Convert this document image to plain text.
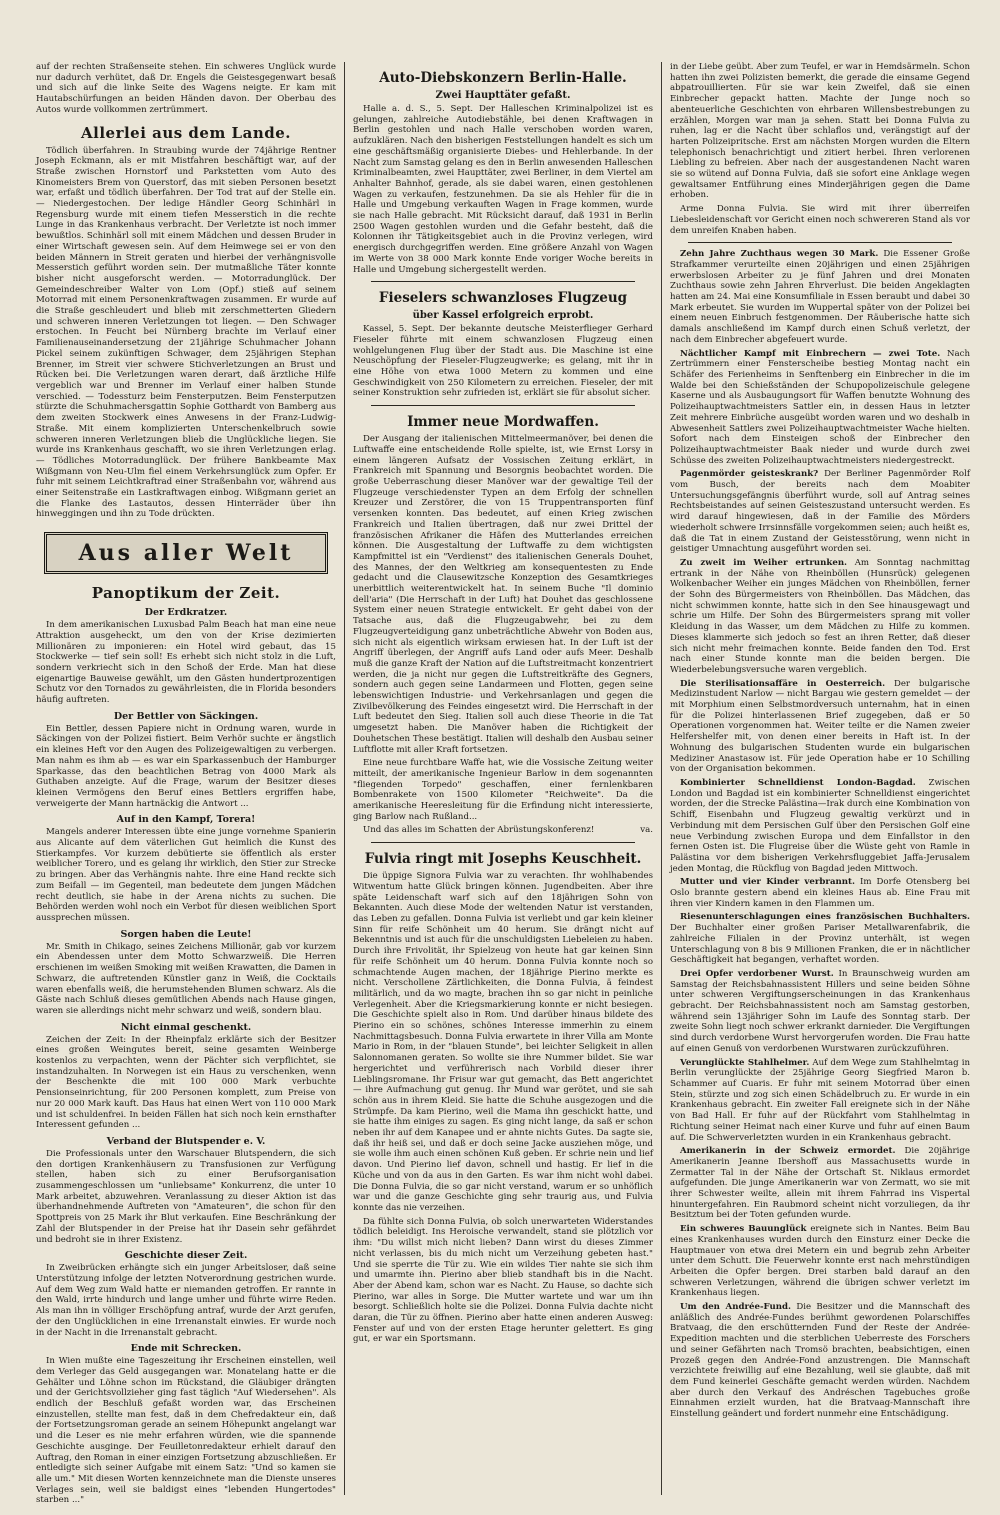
auf der rechten Straßenseite stehen. Ein schweres Unglück wurde nur dadurch verhütet, daß Dr. Engels die Geistesgegenwart besaß und sich auf die linke Seite des Wagens neigte. Er kam mit Hautabschürfungen an beiden Händen davon. Der Oberbau des Autos wurde vollkommen zertrümmert.

Allerlei aus dem Lande.

Tödlich überfahren. In Straubing wurde der 74jährige Rentner Joseph Eckmann, als er mit Mistfahren beschäftigt war, auf der Straße zwischen Hornstorf und Parkstetten vom Auto des Kinomeisters Brem von Querstorf, das mit sieben Personen besetzt war, erfaßt und tödlich überfahren. Der Tod trat auf der Stelle ein. — Niedergestochen. Der ledige Händler Georg Schinhärl in Regensburg wurde mit einem tiefen Messerstich in die rechte Lunge in das Krankenhaus verbracht. Der Verletzte ist noch immer bewußtlos. Schinhärl soll mit einem Mädchen und dessen Bruder in einer Wirtschaft gewesen sein. Auf dem Heimwege sei er von den beiden Männern in Streit geraten und hierbei der verhängnisvolle Messerstich geführt worden sein. Der mutmaßliche Täter konnte bisher nicht ausgeforscht werden. — Motorradunglück. Der Gemeindeschreiber Walter von Lom (Opf.) stieß auf seinem Motorrad mit einem Personenkraftwagen zusammen. Er wurde auf die Straße geschleudert und blieb mit zerschmetterten Gliedern und schweren inneren Verletzungen tot liegen. — Den Schwager erstochen. In Feucht bei Nürnberg brachte im Verlauf einer Familienauseinandersetzung der 21jährige Schuhmacher Johann Pickel seinem zukünftigen Schwager, dem 25jährigen Stephan Brenner, im Streit vier schwere Stichverletzungen an Brust und Rücken bei. Die Verletzungen waren derart, daß ärztliche Hilfe vergeblich war und Brenner im Verlauf einer halben Stunde verschied. — Todessturz beim Fensterputzen. Beim Fensterputzen stürzte die Schuhmachersgattin Sophie Gotthardt von Bamberg aus dem zweiten Stockwerk eines Anwesens in der Franz-Ludwig-Straße. Mit einem komplizierten Unterschenkelbruch sowie schweren inneren Verletzungen blieb die Unglückliche liegen. Sie wurde ins Krankenhaus geschafft, wo sie ihren Verletzungen erlag. — Tödliches Motorradunglück. Der frühere Bankbeamte Max Wißgmann von Neu-Ulm fiel einem Verkehrsunglück zum Opfer. Er fuhr mit seinem Leichtkraftrad einer Straßenbahn vor, während aus einer Seitenstraße ein Lastkraftwagen einbog. Wißgmann geriet an die Flanke des Lastautos, dessen Hinterräder über ihn hinweggingen und ihn zu Tode drückten.

Aus aller Welt
Panoptikum der Zeit.
Der Erdkratzer.

In dem amerikanischen Luxusbad Palm Beach hat man eine neue Attraktion ausgeheckt, um den von der Krise dezimierten Millionären zu imponieren: ein Hotel wird gebaut, das 15 Stockwerke — tief sein soll! Es erhebt sich nicht stolz in die Luft, sondern verkriecht sich in den Schoß der Erde. Man hat diese eigenartige Bauweise gewählt, um den Gästen hundertprozentigen Schutz vor den Tornados zu gewährleisten, die in Florida besonders häufig auftreten.

Der Bettler von Säckingen.

Ein Bettler, dessen Papiere nicht in Ordnung waren, wurde in Säckingen von der Polizei fistiert. Beim Verhör suchte er ängstlich ein kleines Heft vor den Augen des Polizeigewaltigen zu verbergen. Man nahm es ihm ab — es war ein Sparkassenbuch der Hamburger Sparkasse, das den beachtlichen Betrag von 4000 Mark als Guthaben anzeigte. Auf die Frage, warum der Besitzer dieses kleinen Vermögens den Beruf eines Bettlers ergriffen habe, verweigerte der Mann hartnäckig die Antwort ...

Auf in den Kampf, Torera!

Mangels anderer Interessen übte eine junge vornehme Spanierin aus Alicante auf dem väterlichen Gut heimlich die Kunst des Stierkampfes. Vor kurzem debütierte sie öffentlich als erster weiblicher Torero, und es gelang ihr wirklich, den Stier zur Strecke zu bringen. Aber das Verhängnis nahte. Ihre eine Hand reckte sich zum Beifall — im Gegenteil, man bedeutete dem jungen Mädchen recht deutlich, sie habe in der Arena nichts zu suchen. Die Behörden werden wohl noch ein Verbot für diesen weiblichen Sport aussprechen müssen.

Sorgen haben die Leute!

Mr. Smith in Chikago, seines Zeichens Millionär, gab vor kurzem ein Abendessen unter dem Motto Schwarzweiß. Die Herren erschienen im weißen Smoking mit weißen Krawatten, die Damen in Schwarz, die auftretenden Künstler ganz in Weiß, die Cocktails waren ebenfalls weiß, die herumstehenden Blumen schwarz. Als die Gäste nach Schluß dieses gemütlichen Abends nach Hause gingen, waren sie allerdings nicht mehr schwarz und weiß, sondern blau.

Nicht einmal geschenkt.

Zeichen der Zeit: In der Rheinpfalz erklärte sich der Besitzer eines großen Weingutes bereit, seine gesamten Weinberge kostenlos zu verpachten, wenn der Pächter sich verpflichtet, sie instandzuhalten. In Norwegen ist ein Haus zu verschenken, wenn der Beschenkte die mit 100 000 Mark verbuchte Pensionseinrichtung, für 200 Personen komplett, zum Preise von nur 20 000 Mark kauft. Das Haus hat einen Wert von 110 000 Mark und ist schuldenfrei. In beiden Fällen hat sich noch kein ernsthafter Interessent gefunden ...

Verband der Blutspender e. V.

Die Professionals unter den Warschauer Blutspendern, die sich den dortigen Krankenhäusern zu Transfusionen zur Verfügung stellen, haben sich zu einer Berufsorganisation zusammengeschlossen um "unliebsame" Konkurrenz, die unter 10 Mark arbeitet, abzuwehren. Veranlassung zu dieser Aktion ist das überhandnehmende Auftreten von "Amateuren", die schon für den Spottpreis von 25 Mark ihr Blut verkaufen. Eine Beschränkung der Zahl der Blutspender in der Preise hat ihr Dasein sehr gefährdet und bedroht sie in ihrer Existenz.

Geschichte dieser Zeit.

In Zweibrücken erhängte sich ein junger Arbeitsloser, daß seine Unterstützung infolge der letzten Notverordnung gestrichen wurde. Auf dem Weg zum Wald hatte er niemanden getroffen. Er rannte in den Wald, irrte hindurch und lange umher und führte wirre Reden. Als man ihn in völliger Erschöpfung antraf, wurde der Arzt gerufen, der den Unglücklichen in eine Irrenanstalt einwies. Er wurde noch in der Nacht in die Irrenanstalt gebracht.

Ende mit Schrecken.

In Wien mußte eine Tageszeitung ihr Erscheinen einstellen, weil dem Verleger das Geld ausgegangen war. Monatelang hatte er die Gehälter und Löhne schon im Rückstand, die Gläubiger drängten und der Gerichtsvollzieher ging fast täglich "Auf Wiedersehen". Als endlich der Beschluß gefaßt worden war, das Erscheinen einzustellen, stellte man fest, daß in dem Chefredakteur ein, daß der Fortsetzungsroman gerade an seinem Höhepunkt angelangt war und die Leser es nie mehr erfahren würden, wie die spannende Geschichte ausginge. Der Feuilletonredakteur erhielt darauf den Auftrag, den Roman in einer einzigen Fortsetzung abzuschließen. Er entledigte sich seiner Aufgabe mit einem Satz: "Und so kamen sie alle um." Mit diesen Worten kennzeichnete man die Dienste unseres Verlages sein, weil sie baldigst eines "lebenden Hungertodes" starben ..."

Auto-Diebskonzern Berlin-Halle.
Zwei Haupttäter gefaßt.

Halle a. d. S., 5. Sept. Der Halleschen Kriminalpolizei ist es gelungen, zahlreiche Autodiebstähle, bei denen Kraftwagen in Berlin gestohlen und nach Halle verschoben worden waren, aufzuklären. Nach den bisherigen Feststellungen handelt es sich um eine geschäftsmäßig organisierte Diebes- und Hehlerbande. In der Nacht zum Samstag gelang es den in Berlin anwesenden Halleschen Kriminalbeamten, zwei Haupttäter, zwei Berliner, in dem Viertel am Anhalter Bahnhof, gerade, als sie dabei waren, einen gestohlenen Wagen zu verkaufen, festzunehmen. Da sie als Hehler für die in Halle und Umgebung verkauften Wagen in Frage kommen, wurde sie nach Halle gebracht. Mit Rücksicht darauf, daß 1931 in Berlin 2500 Wagen gestohlen wurden und die Gefahr besteht, daß die Kolonnen ihr Tätigkeitsgebiet auch in die Provinz verlegen, wird energisch durchgegriffen werden. Eine größere Anzahl von Wagen im Werte von 38 000 Mark konnte Ende voriger Woche bereits in Halle und Umgebung sichergestellt werden.

Fieselers schwanzloses Flugzeug
über Kassel erfolgreich erprobt.

Kassel, 5. Sept. Der bekannte deutsche Meisterflieger Gerhard Fieseler führte mit einem schwanzlosen Flugzeug einen wohlgelungenen Flug über der Stadt aus. Die Maschine ist eine Neuschöpfung der Fieseler-Flugzeugwerke; es gelang, mit ihr in eine Höhe von etwa 1000 Metern zu kommen und eine Geschwindigkeit von 250 Kilometern zu erreichen. Fieseler, der mit seiner Konstruktion sehr zufrieden ist, erklärt sie für absolut sicher.

Immer neue Mordwaffen.

Der Ausgang der italienischen Mittelmeermanöver, bei denen die Luftwaffe eine entscheidende Rolle spielte, ist, wie Ernst Lorsy in einem längeren Aufsatz der Vossischen Zeitung erklärt, in Frankreich mit Spannung und Besorgnis beobachtet worden. Die große Ueberraschung dieser Manöver war der gewaltige Teil der Flugzeuge verschiedenster Typen an dem Erfolg der schnellen Kreuzer und Zerstörer, die von 15 Truppentransporten fünf versenken konnten. Das bedeutet, auf einen Krieg zwischen Frankreich und Italien übertragen, daß nur zwei Drittel der französischen Afrikaner die Häfen des Mutterlandes erreichen können. Die Ausgestaltung der Luftwaffe zu dem wichtigsten Kampfmittel ist ein "Verdienst" des italienischen Generals Douhet, des Mannes, der den Weltkrieg am konsequentesten zu Ende gedacht und die Clausewitzsche Konzeption des Gesamtkrieges unerbittlich weiterentwickelt hat. In seinem Buche "Il dominio dell'aria" (Die Herrschaft in der Luft) hat Douhet das geschlossene System einer neuen Strategie entwickelt. Er geht dabei von der Tatsache aus, daß die Flugzeugabwehr, bei zu dem Flugzeugverteidigung ganz unbeträchtliche Abwehr von Boden aus, sich nicht als eigentlich wirksam erwiesen hat. In der Luft ist der Angriff überlegen, der Angriff aufs Land oder aufs Meer. Deshalb muß die ganze Kraft der Nation auf die Luftstreitmacht konzentriert werden, die ja nicht nur gegen die Luftstreitkräfte des Gegners, sondern auch gegen seine Landarmeen und Flotten, gegen seine lebenswichtigen Industrie- und Verkehrsanlagen und gegen die Zivilbevölkerung des Feindes eingesetzt wird. Die Herrschaft in der Luft bedeutet den Sieg. Italien soll auch diese Theorie in die Tat umgesetzt haben. Die Manöver haben die Richtigkeit der Douhetschen These bestätigt. Italien will deshalb den Ausbau seiner Luftflotte mit aller Kraft fortsetzen.

Eine neue furchtbare Waffe hat, wie die Vossische Zeitung weiter mitteilt, der amerikanische Ingenieur Barlow in dem sogenannten "fliegenden Torpedo" geschaffen, einer fernlenkbaren Bombenrakete von 1500 Kilometer "Reichweite". Da die amerikanische Heeresleitung für die Erfindung nicht interessierte, ging Barlow nach Rußland...

Und das alles im Schatten der Abrüstungskonferenz!	va.

Fulvia ringt mit Josephs Keuschheit.

Die üppige Signora Fulvia war zu verachten. Ihr wohlhabendes Witwentum hatte Glück bringen können. Jugendbeiten. Aber ihre späte Leidenschaft warf sich auf den 18jährigen Sohn von Bekannten. Auch diese Mode der weltenden Natur ist verstanden, das Leben zu gefallen. Donna Fulvia ist verliebt und gar kein kleiner Sinn für reife Schönheit um 40 herum. Sie drängt nicht auf Bekenntnis und ist auch für die unschuldigsten Liebeleien zu haben. Durch ihre Frivolität, ihr Spielzeug von heute hat gar keinen Sinn für reife Schönheit um 40 herum. Donna Fulvia konnte noch so schmachtende Augen machen, der 18jährige Pierino merkte es nicht. Verschollene Zärtlichkeiten, die Donna Fulvia, ä feindest militärlich, und da wo magte, brachen ihn so gar nicht in peinliche Verlegenheit. Aber die Kriegsmarkierung konnte er nicht besiegen. Die Geschichte spielt also in Rom. Und darüber hinaus bildete des Pierino ein so schönes, schönes Interesse immerhin zu einem Nachmittagsbesuch. Donna Fulvia erwartete in ihrer Villa am Monte Mario in Rom, in der "blauen Stunde", bei leichter Seligkeit in allen Salonnomanen geraten. So wollte sie ihre Nummer bildet. Sie war hergerichtet und verführerisch nach Vorbild dieser ihrer Lieblingsromane. Ihr Frisur war gut gemacht, das Bett angerichtet — ihre Aufmachung gut genug. Ihr Mund war gerötet, und sie sah schön aus in ihrem Kleid. Sie hatte die Schuhe ausgezogen und die Strümpfe. Da kam Pierino, weil die Mama ihn geschickt hatte, und sie hatte ihm einiges zu sagen. Es ging nicht lange, da saß er schon neben ihr auf dem Kanapee und er ahnte nichts Gutes. Da sagte sie, daß ihr heiß sei, und daß er doch seine Jacke ausziehen möge, und sie wolle ihm auch einen schönen Kuß geben. Er schrie nein und lief davon. Und Pierino lief davon, schnell und hastig. Er lief in die Küche und von da aus in den Garten. Es war ihm nicht wohl dabei. Die Donna Fulvia, die so gar nicht verstand, warum er so unhöflich war und die ganze Geschichte ging sehr traurig aus, und Fulvia konnte das nie verzeihen.

Da fühlte sich Donna Fulvia, ob solch unerwarteten Widerstandes tödlich beleidigt. Ins Heroische verwandelt, stand sie plötzlich vor ihm: "Du willst mich nicht lieben? Dann wirst du dieses Zimmer nicht verlassen, bis du mich nicht um Verzeihung gebeten hast." Und sie sperrte die Tür zu. Wie ein wildes Tier nahte sie sich ihm und umarmte ihn. Pierino aber blieb standhaft bis in die Nacht. Aber der Abend kam, schon war es Nacht. Zu Hause, so dachte sich Pierino, war alles in Sorge. Die Mutter wartete und war um ihn besorgt. Schließlich holte sie die Polizei. Donna Fulvia dachte nicht daran, die Tür zu öffnen. Pierino aber hatte einen anderen Ausweg: Fenster auf und von der ersten Etage herunter gelettert. Es ging gut, er war ein Sportsmann.

in der Liebe geübt. Aber zum Teufel, er war in Hemdsärmeln. Schon hatten ihn zwei Polizisten bemerkt, die gerade die einsame Gegend abpatrouillierten. Für sie war kein Zweifel, daß sie einen Einbrecher gepackt hatten. Machte der Junge noch so abenteuerliche Geschichten von ehrbaren Willensbestrebungen zu erzählen, Morgen war man ja sehen. Statt bei Donna Fulvia zu ruhen, lag er die Nacht über schlaflos und, verängstigt auf der harten Polizeipritsche. Erst am nächsten Morgen wurden die Eltern telephonisch benachrichtigt und zitiert herbei. Ihren verlorenen Liebling zu befreien. Aber nach der ausgestandenen Nacht waren sie so wütend auf Donna Fulvia, daß sie sofort eine Anklage wegen gewaltsamer Entführung eines Minderjährigen gegen die Dame erhoben.

Arme Donna Fulvia. Sie wird mit ihrer überreifen Liebesleidenschaft vor Gericht einen noch schwereren Stand als vor dem unreifen Knaben haben.

Zehn Jahre Zuchthaus wegen 30 Mark. Die Essener Große Strafkammer verurteilte einen 20jährigen und einen 25jährigen erwerbslosen Arbeiter zu je fünf Jahren und drei Monaten Zuchthaus sowie zehn Jahren Ehrverlust. Die beiden Angeklagten hatten am 24. Mai eine Konsumfiliale in Essen beraubt und dabei 30 Mark erbeutet. Sie wurden im Wuppertal später von der Polizei bei einem neuen Einbruch festgenommen. Der Räuberische hatte sich damals anschließend im Kampf durch einen Schuß verletzt, der nach dem Einbrecher abgefeuert wurde.

Nächtlicher Kampf mit Einbrechern — zwei Tote. Nach Zertrümmern einer Fensterscheibe bestieg Montag nacht ein Schäfer des Ferienheims in Senftenberg ein Einbrecher in die im Walde bei den Schießständen der Schupopolizeischule gelegene Kaserne und als Ausbaugungsort für Waffen benutzte Wohnung des Polizeihauptwachtmeisters Sattler ein, in dessen Haus in letzter Zeit mehrere Einbrüche ausgeübt worden waren und wo deshalb in Abwesenheit Sattlers zwei Polizeihauptwachtmeister Wache hielten. Sofort nach dem Einsteigen schoß der Einbrecher den Polizeihauptwachtmeister Baak nieder und wurde durch zwei Schüsse des zweiten Polizeihauptwachtmeisters niedergestreckt.

Pagenmörder geisteskrank? Der Berliner Pagenmörder Rolf vom Busch, der bereits nach dem Moabiter Untersuchungsgefängnis überführt wurde, soll auf Antrag seines Rechtsbeistandes auf seinen Geisteszustand untersucht werden. Es wird darauf hingewiesen, daß in der Familie des Mörders wiederholt schwere Irrsinnsfälle vorgekommen seien; auch heißt es, daß die Tat in einem Zustand der Geistesstörung, wenn nicht in geistiger Umnachtung ausgeführt worden sei.

Zu zweit im Weiher ertrunken. Am Sonntag nachmittag ertrank in der Nähe von Rheinböllen (Hunsrück) gelegenen Wolkenbacher Weiher ein junges Mädchen von Rheinböllen, ferner der Sohn des Bürgermeisters von Rheinböllen. Das Mädchen, das nicht schwimmen konnte, hatte sich in den See hinausgewagt und schrie um Hilfe. Der Sohn des Bürgermeisters sprang mit voller Kleidung in das Wasser, um dem Mädchen zu Hilfe zu kommen. Dieses klammerte sich jedoch so fest an ihren Retter, daß dieser sich nicht mehr freimachen konnte. Beide fanden den Tod. Erst nach einer Stunde konnte man die beiden bergen. Die Wiederbelebungsversuche waren vergeblich.

Die Sterilisationsaffäre in Oesterreich. Der bulgarische Medizinstudent Narlow — nicht Bargau wie gestern gemeldet — der mit Morphium einen Selbstmordversuch unternahm, hat in einen für die Polizei hinterlassenen Brief zugegeben, daß er 50 Operationen vorgenommen hat. Weiter teilte er die Namen zweier Helfershelfer mit, von denen einer bereits in Haft ist. In der Wohnung des bulgarischen Studenten wurde ein bulgarischen Mediziner Anastasow ist. Für jede Operation habe er 10 Schilling von der Organisation bekommen.

Kombinierter Schnelldienst London-Bagdad. Zwischen London und Bagdad ist ein kombinierter Schnelldienst eingerichtet worden, der die Strecke Palästina—Irak durch eine Kombination von Schiff, Eisenbahn und Flugzeug gewaltig verkürzt und in Verbindung mit dem Persischen Gulf über den Persischen Golf eine neue Verbindung zwischen Europa und dem Einfallstor in den fernen Osten ist. Die Flugreise über die Wüste geht von Ramle in Palästina vor dem bisherigen Verkehrsfluggebiet Jaffa-Jerusalem jeden Montag, die Rückflug von Bagdad jeden Mittwoch.

Mutter und vier Kinder verbrannt. Im Dorfe Otensberg bei Oslo brannte gestern abend ein kleines Haus ab. Eine Frau mit ihren vier Kindern kamen in den Flammen um.

Riesenunterschlagungen eines französischen Buchhalters. Der Buchhalter einer großen Pariser Metallwarenfabrik, die zahlreiche Filialen in der Provinz unterhält, ist wegen Unterschlagung von 8 bis 9 Millionen Franken, die er in nächtlicher Geschäftigkeit hat begangen, verhaftet worden.

Drei Opfer verdorbener Wurst. In Braunschweig wurden am Samstag der Reichsbahnassistent Hillers und seine beiden Söhne unter schweren Vergiftungserscheinungen in das Krankenhaus gebracht. Der Reichsbahnassistent noch am Samstag gestorben, während sein 13jähriger Sohn im Laufe des Sonntag starb. Der zweite Sohn liegt noch schwer erkrankt darnieder. Die Vergiftungen sind durch verdorbene Wurst hervorgerufen worden. Die Frau hatte auf einen Genuß von verdorbenen Wurstwaren zurückzuführen.

Verunglückte Stahlhelmer. Auf dem Wege zum Stahlhelmtag in Berlin verunglückte der 25jährige Georg Siegfried Maron b. Schammer auf Cuaris. Er fuhr mit seinem Motorrad über einen Stein, stürzte und zog sich einen Schädelbruch zu. Er wurde in ein Krankenhaus gebracht. Ein zweiter Fall ereignete sich in der Nähe von Bad Hall. Er fuhr auf der Rückfahrt vom Stahlhelmtag in Richtung seiner Heimat nach einer Kurve und fuhr auf einen Baum auf. Die Schwerverletzten wurden in ein Krankenhaus gebracht.

Amerikanerin in der Schweiz ermordet. Die 20jährige Amerikanerin Jeanne Ibershoff aus Massachusetts wurde in Zermatter Tal in der Nähe der Ortschaft St. Niklaus ermordet aufgefunden. Die junge Amerikanerin war von Zermatt, wo sie mit ihrer Schwester weilte, allein mit ihrem Fahrrad ins Vispertal hinuntergefahren. Ein Raubmord scheint nicht vorzuliegen, da ihr Besitztum bei der Toten gefunden wurde.

Ein schweres Bauunglück ereignete sich in Nantes. Beim Bau eines Krankenhauses wurden durch den Einsturz einer Decke die Hauptmauer von etwa drei Metern ein und begrub zehn Arbeiter unter dem Schutt. Die Feuerwehr konnte erst nach mehrstündigen Arbeiten die Opfer bergen. Drei starben bald darauf an den schweren Verletzungen, während die übrigen schwer verletzt im Krankenhaus liegen.

Um den Andrée-Fund. Die Besitzer und die Mannschaft des anläßlich des Andrée-Fundes berühmt gewordenen Polarschiffes Bratvaag, die den erschütternden Fund der Reste der Andrée-Expedition machten und die sterblichen Ueberreste des Forschers und seiner Gefährten nach Tromsö brachten, beabsichtigen, einen Prozeß gegen den Andrée-Fond anzustrengen. Die Mannschaft verzichtete freiwillig auf eine Bezahlung, weil sie glaubte, daß mit dem Fund keinerlei Geschäfte gemacht werden würden. Nachdem aber durch den Verkauf des Andréschen Tagebuches große Einnahmen erzielt wurden, hat die Bratvaag-Mannschaft ihre Einstellung geändert und fordert nunmehr eine Entschädigung.
